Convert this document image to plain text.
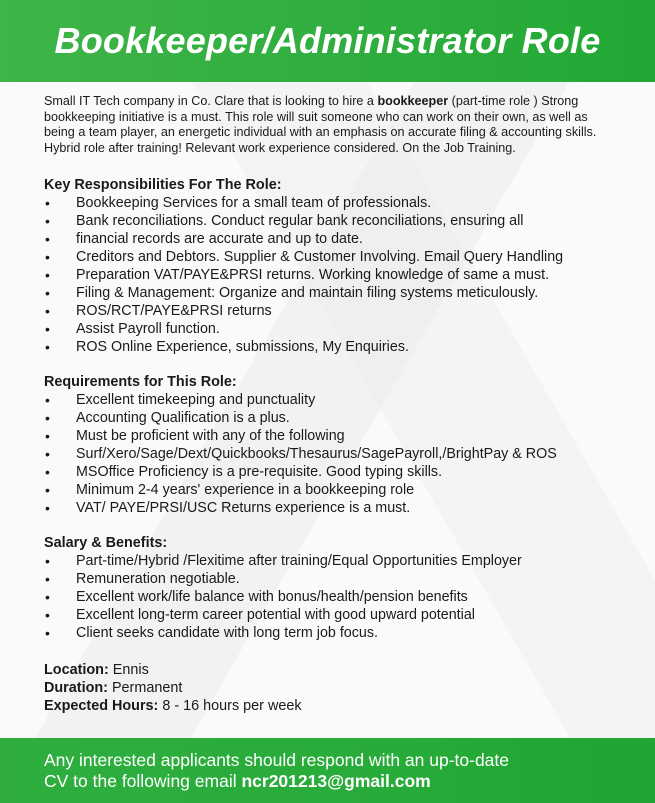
Bookkeeper/Administrator Role

Small IT Tech company in Co. Clare that is looking to hire a bookkeeper (part-time role ) Strong bookkeeping initiative is a must. This role will suit someone who can work on their own, as well as being a team player, an energetic individual with an emphasis on accurate filing & accounting skills. Hybrid role after training! Relevant work experience considered. On the Job Training.

Key Responsibilities For The Role:

• Bookkeeping Services for a small team of professionals.
• Bank reconciliations. Conduct regular bank reconciliations, ensuring all
• financial records are accurate and up to date.
• Creditors and Debtors. Supplier & Customer Involving. Email Query Handling
• Preparation VAT/PAYE&PRSI returns. Working knowledge of same a must.
• Filing & Management: Organize and maintain filing systems meticulously.
• ROS/RCT/PAYE&PRSI returns
• Assist Payroll function.
• ROS Online Experience, submissions, My Enquiries.

Requirements for This Role:

• Excellent timekeeping and punctuality
• Accounting Qualification is a plus.
• Must be proficient with any of the following
• Surf/Xero/Sage/Dext/Quickbooks/Thesaurus/SagePayroll,/BrightPay & ROS
• MSOffice Proficiency is a pre-requisite. Good typing skills.
• Minimum 2-4 years' experience in a bookkeeping role
• VAT/ PAYE/PRSI/USC Returns experience is a must.

Salary & Benefits:

• Part-time/Hybrid /Flexitime after training/Equal Opportunities Employer
• Remuneration negotiable.
• Excellent work/life balance with bonus/health/pension benefits
• Excellent long-term career potential with good upward potential
• Client seeks candidate with long term job focus.

Location: Ennis

Duration: Permanent

Expected Hours: 8 - 16 hours per week

Any interested applicants should respond with an up-to-date
CV to the following email ncr201213@gmail.com
